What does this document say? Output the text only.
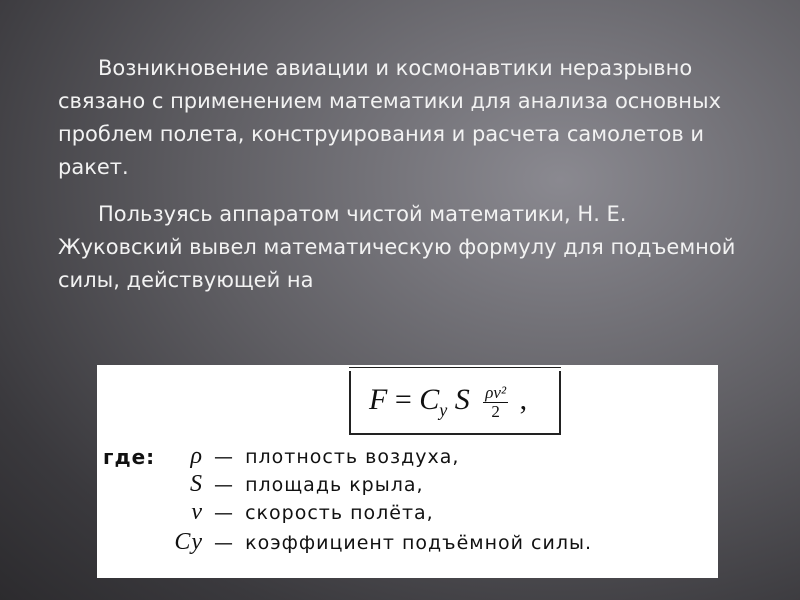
Возникновение авиации и космонавтики неразрывно связано с применением математики для анализа основных проблем полета, конструирования и расчета самолетов и ракет.

Пользуясь аппаратом чистой математики, Н. Е. Жуковский вывел математическую формулу для подъемной силы, действующей на

$F = C_y$ S $\frac{\text{ρv²}}{2}$ ,
где:	ρ — плотность воздуха,
S — площадь крыла,
v — скорость полёта,
Cy — коэффициент подъёмной силы.
